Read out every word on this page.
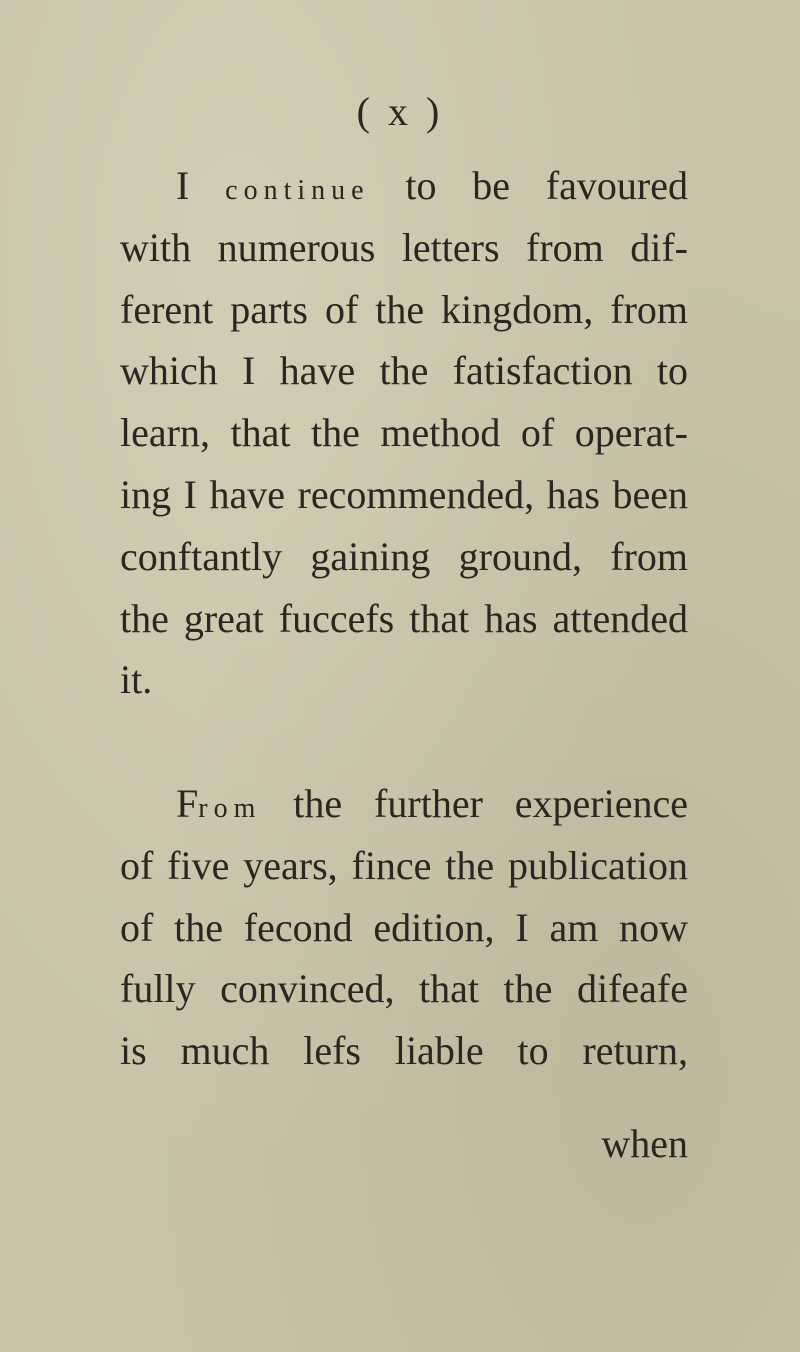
( x )
I continue to be favoured
with numerous letters from dif-
ferent parts of the kingdom, from
which I have the fatisfaction to
learn, that the method of operat-
ing I have recommended, has been
conftantly gaining ground, from
the great fuccefs that has attended
it.
From the further experience
of five years, fince the publication
of the fecond edition, I am now
fully convinced, that the difeafe
is much lefs liable to return,
when
